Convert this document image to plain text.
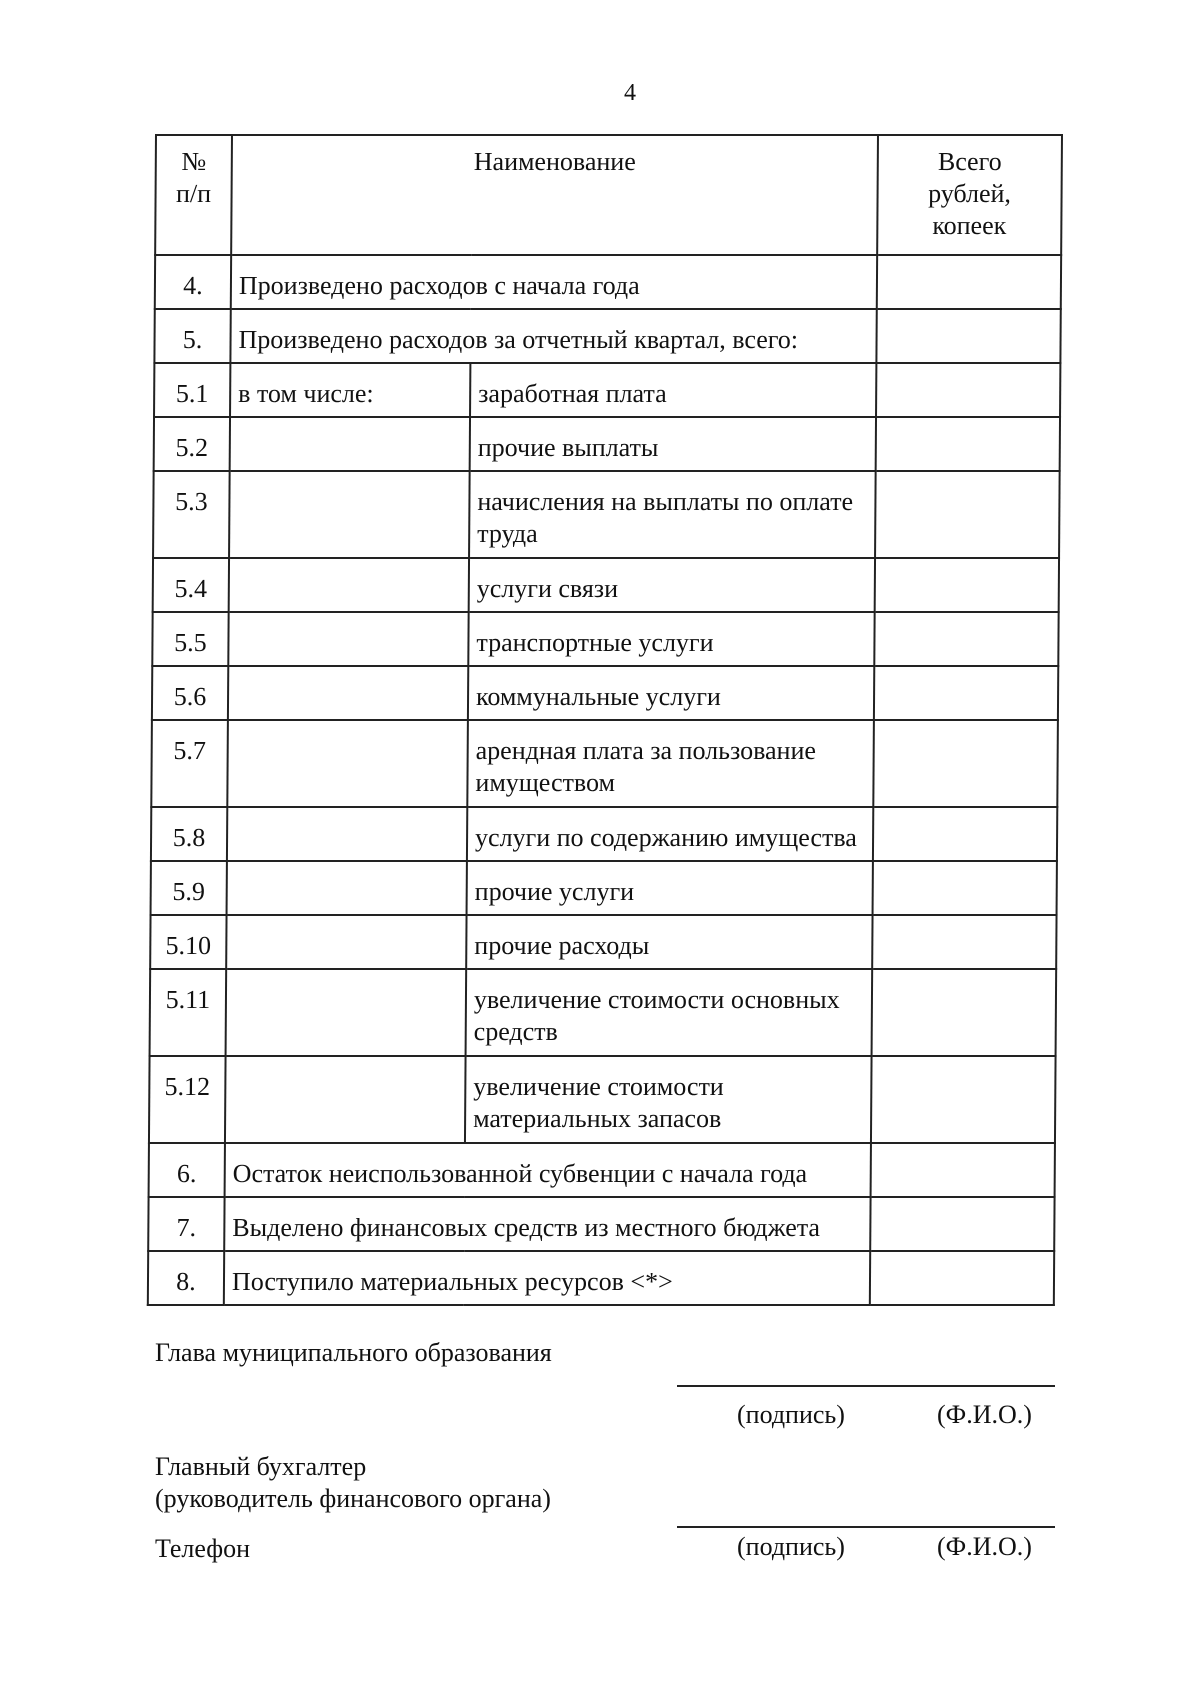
4
№
п/п	Наименование		Всего
рублей,
копеек
4.	Произведено расходов с начала года		
5.	Произведено расходов за отчетный квартал, всего:		
5.1	в том числе:	заработная плата	
5.2		прочие выплаты	
5.3		начисления на выплаты по оплате труда	
5.4		услуги связи	
5.5		транспортные услуги	
5.6		коммунальные услуги	
5.7		арендная плата за пользование имуществом	
5.8		услуги по содержанию имущества	
5.9		прочие услуги	
5.10		прочие расходы	
5.11		увеличение стоимости основных средств	
5.12		увеличение стоимости материальных запасов	
6.	Остаток неиспользованной субвенции с начала года		
7.	Выделено финансовых средств из местного бюджета		
8.	Поступило материальных ресурсов <*>		
Глава муниципального образования
(подпись)	(Ф.И.О.)
Главный бухгалтер
(руководитель финансового органа)
Телефон	(подпись)	(Ф.И.О.)
